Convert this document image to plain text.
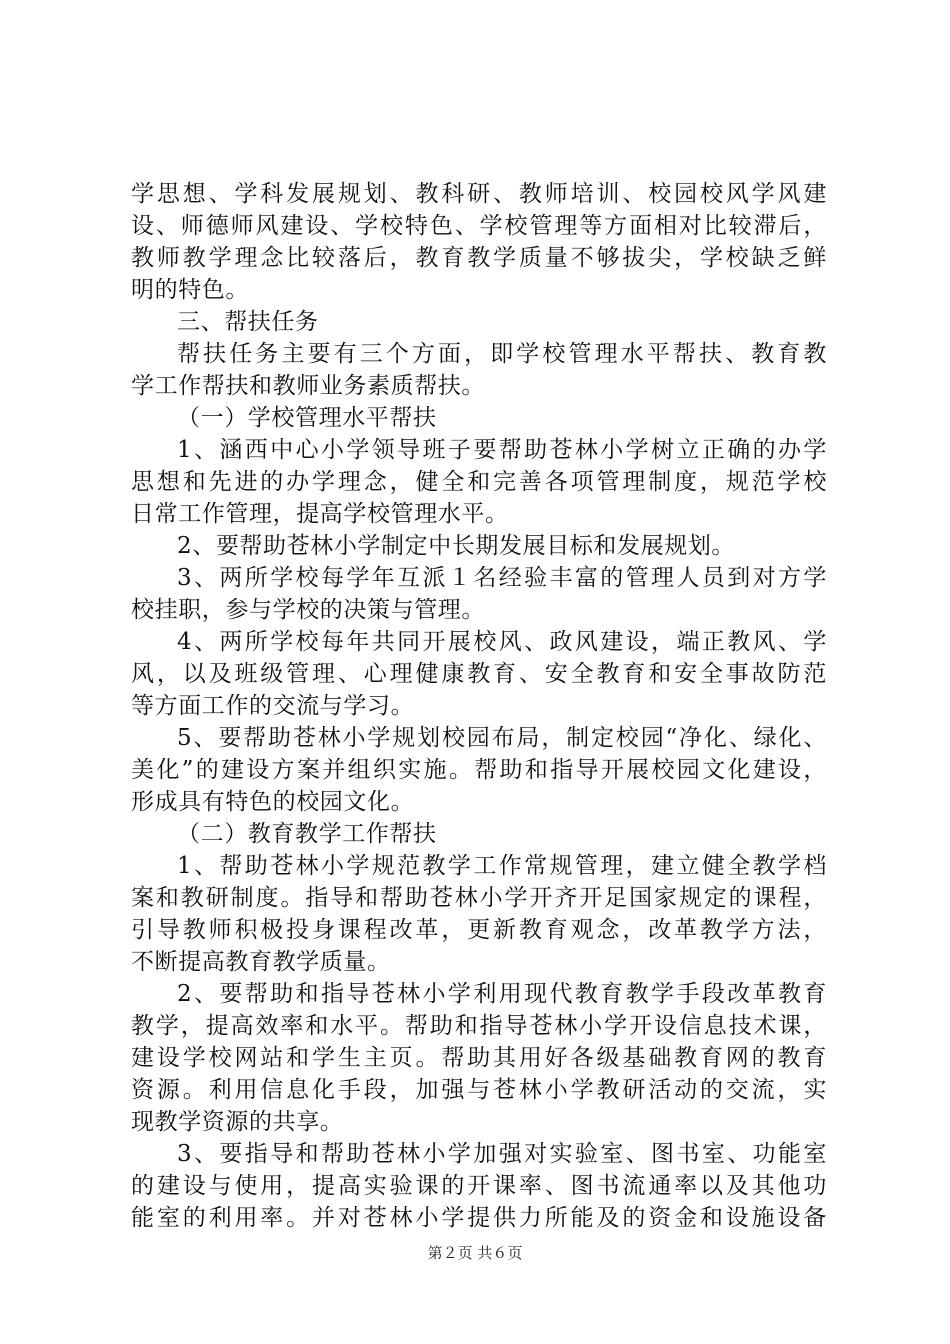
学思想、学科发展规划、教科研、教师培训、校园校风学风建
设、师德师风建设、学校特色、学校管理等方面相对比较滞后，
教师教学理念比较落后，教育教学质量不够拔尖，学校缺乏鲜
明的特色。
三、帮扶任务
帮扶任务主要有三个方面，即学校管理水平帮扶、教育教
学工作帮扶和教师业务素质帮扶。
（一）学校管理水平帮扶
1、涵西中心小学领导班子要帮助苍林小学树立正确的办学
思想和先进的办学理念，健全和完善各项管理制度，规范学校
日常工作管理，提高学校管理水平。
2、要帮助苍林小学制定中长期发展目标和发展规划。
3、两所学校每学年互派１名经验丰富的管理人员到对方学
校挂职，参与学校的决策与管理。
4、两所学校每年共同开展校风、政风建设，端正教风、学
风，以及班级管理、心理健康教育、安全教育和安全事故防范
等方面工作的交流与学习。
5、要帮助苍林小学规划校园布局，制定校园“净化、绿化、
美化”的建设方案并组织实施。帮助和指导开展校园文化建设，
形成具有特色的校园文化。
（二）教育教学工作帮扶
1、帮助苍林小学规范教学工作常规管理，建立健全教学档
案和教研制度。指导和帮助苍林小学开齐开足国家规定的课程，
引导教师积极投身课程改革，更新教育观念，改革教学方法，
不断提高教育教学质量。
2、要帮助和指导苍林小学利用现代教育教学手段改革教育
教学，提高效率和水平。帮助和指导苍林小学开设信息技术课，
建设学校网站和学生主页。帮助其用好各级基础教育网的教育
资源。利用信息化手段，加强与苍林小学教研活动的交流，实
现教学资源的共享。
3、要指导和帮助苍林小学加强对实验室、图书室、功能室
的建设与使用，提高实验课的开课率、图书流通率以及其他功
能室的利用率。并对苍林小学提供力所能及的资金和设施设备
第２页 共６页
